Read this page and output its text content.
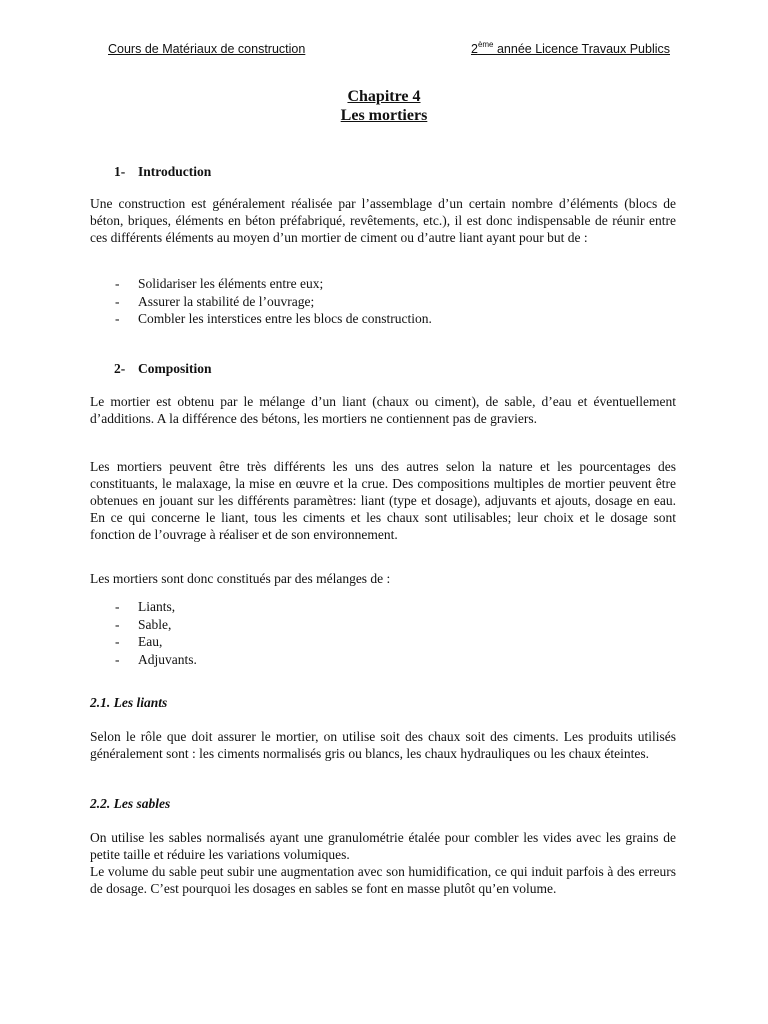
Cours de Matériaux de construction	2ème année Licence Travaux Publics
Chapitre 4
Les mortiers
1- Introduction

Une construction est généralement réalisée par l’assemblage d’un certain nombre d’éléments (blocs de béton, briques, éléments en béton préfabriqué, revêtements, etc.), il est donc indispensable de réunir entre ces différents éléments au moyen d’un mortier de ciment ou d’autre liant ayant pour but de :

- Solidariser les éléments entre eux;
- Assurer la stabilité de l’ouvrage;
- Combler les interstices entre les blocs de construction.
2- Composition

Le mortier est obtenu par le mélange d’un liant (chaux ou ciment), de sable, d’eau et éventuellement d’additions. A la différence des bétons, les mortiers ne contiennent pas de graviers.

Les mortiers peuvent être très différents les uns des autres selon la nature et les pourcentages des constituants, le malaxage, la mise en œuvre et la crue. Des compositions multiples de mortier peuvent être obtenues en jouant sur les différents paramètres: liant (type et dosage), adjuvants et ajouts, dosage en eau. En ce qui concerne le liant, tous les ciments et les chaux sont utilisables; leur choix et le dosage sont fonction de l’ouvrage à réaliser et de son environnement.

Les mortiers sont donc constitués par des mélanges de :

- Liants,
- Sable,
- Eau,
- Adjuvants.
2.1. Les liants

Selon le rôle que doit assurer le mortier, on utilise soit des chaux soit des ciments. Les produits utilisés généralement sont : les ciments normalisés gris ou blancs, les chaux hydrauliques ou les chaux éteintes.

2.2. Les sables

On utilise les sables normalisés ayant une granulométrie étalée pour combler les vides avec les grains de petite taille et réduire les variations volumiques.

Le volume du sable peut subir une augmentation avec son humidification, ce qui induit parfois à des erreurs de dosage. C’est pourquoi les dosages en sables se font en masse plutôt qu’en volume.
